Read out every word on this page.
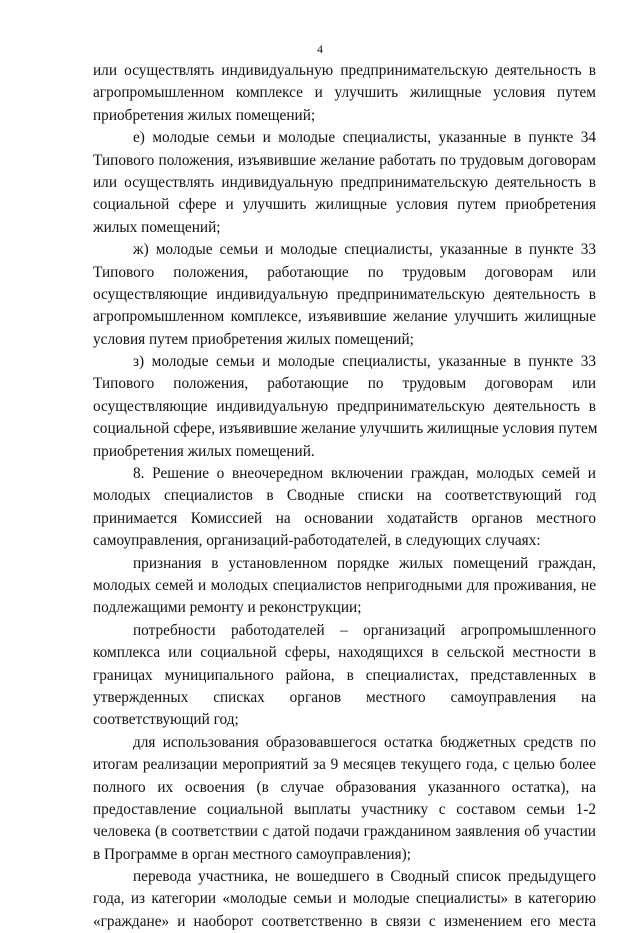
4
или осуществлять индивидуальную предпринимательскую деятельность в
агропромышленном комплексе и улучшить жилищные условия путем
приобретения жилых помещений;
е) молодые семьи и молодые специалисты, указанные в пункте 34
Типового положения, изъявившие желание работать по трудовым договорам
или осуществлять индивидуальную предпринимательскую деятельность в
социальной сфере и улучшить жилищные условия путем приобретения
жилых помещений;
ж) молодые семьи и молодые специалисты, указанные в пункте 33
Типового положения, работающие по трудовым договорам или
осуществляющие индивидуальную предпринимательскую деятельность в
агропромышленном комплексе, изъявившие желание улучшить жилищные
условия путем приобретения жилых помещений;
з) молодые семьи и молодые специалисты, указанные в пункте 33
Типового положения, работающие по трудовым договорам или
осуществляющие индивидуальную предпринимательскую деятельность в
социальной сфере, изъявившие желание улучшить жилищные условия путем
приобретения жилых помещений.
8. Решение о внеочередном включении граждан, молодых семей и
молодых специалистов в Сводные списки на соответствующий год
принимается Комиссией на основании ходатайств органов местного
самоуправления, организаций-работодателей, в следующих случаях:
признания в установленном порядке жилых помещений граждан,
молодых семей и молодых специалистов непригодными для проживания, не
подлежащими ремонту и реконструкции;
потребности работодателей – организаций агропромышленного
комплекса или социальной сферы, находящихся в сельской местности в
границах муниципального района, в специалистах, представленных в
утвержденных списках органов местного самоуправления на
соответствующий год;
для использования образовавшегося остатка бюджетных средств по
итогам реализации мероприятий за 9 месяцев текущего года, с целью более
полного их освоения (в случае образования указанного остатка), на
предоставление социальной выплаты участнику с составом семьи 1-2
человека (в соответствии с датой подачи гражданином заявления об участии
в Программе в орган местного самоуправления);
перевода участника, не вошедшего в Сводный список предыдущего
года, из категории «молодые семьи и молодые специалисты» в категорию
«граждане» и наоборот соответственно в связи с изменением его места
